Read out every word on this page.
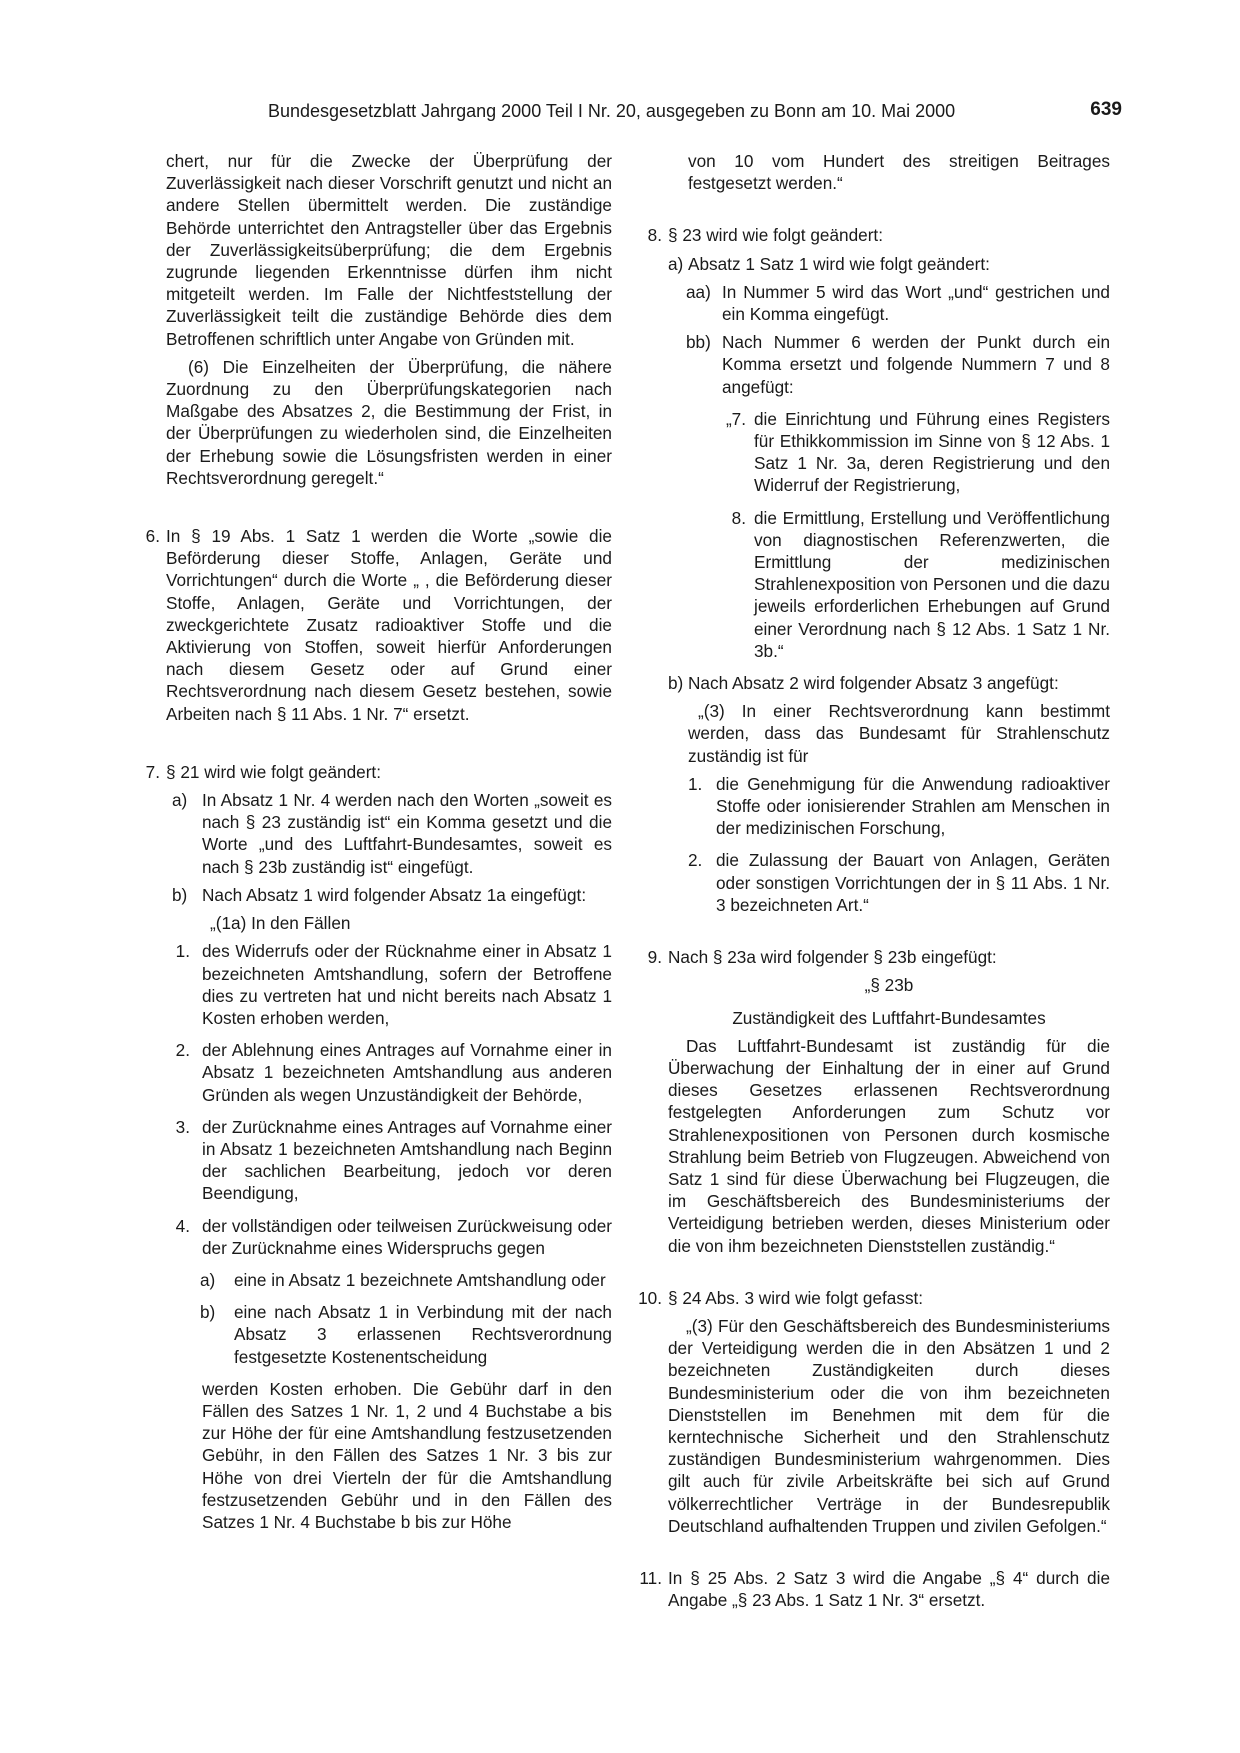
Bundesgesetzblatt Jahrgang 2000 Teil I Nr. 20, ausgegeben zu Bonn am 10. Mai 2000	639

chert, nur für die Zwecke der Überprüfung der Zuverlässigkeit nach dieser Vorschrift genutzt und nicht an andere Stellen übermittelt werden. Die zuständige Behörde unterrichtet den Antragsteller über das Ergebnis der Zuverlässigkeitsüberprüfung; die dem Ergebnis zugrunde liegenden Erkenntnisse dürfen ihm nicht mitgeteilt werden. Im Falle der Nichtfeststellung der Zuverlässigkeit teilt die zuständige Behörde dies dem Betroffenen schriftlich unter Angabe von Gründen mit.

(6) Die Einzelheiten der Überprüfung, die nähere Zuordnung zu den Überprüfungskategorien nach Maßgabe des Absatzes 2, die Bestimmung der Frist, in der Überprüfungen zu wiederholen sind, die Einzelheiten der Erhebung sowie die Lösungsfristen werden in einer Rechtsverordnung geregelt.“

6. In § 19 Abs. 1 Satz 1 werden die Worte „sowie die Beförderung dieser Stoffe, Anlagen, Geräte und Vorrichtungen“ durch die Worte „ , die Beförderung dieser Stoffe, Anlagen, Geräte und Vorrichtungen, der zweckgerichtete Zusatz radioaktiver Stoffe und die Aktivierung von Stoffen, soweit hierfür Anforderungen nach diesem Gesetz oder auf Grund einer Rechtsverordnung nach diesem Gesetz bestehen, sowie Arbeiten nach § 11 Abs. 1 Nr. 7“ ersetzt.

7. § 21 wird wie folgt geändert:

a) In Absatz 1 Nr. 4 werden nach den Worten „soweit es nach § 23 zuständig ist“ ein Komma gesetzt und die Worte „und des Luftfahrt-Bundesamtes, soweit es nach § 23b zuständig ist“ eingefügt.

b) Nach Absatz 1 wird folgender Absatz 1a eingefügt:

„(1a) In den Fällen

1. des Widerrufs oder der Rücknahme einer in Absatz 1 bezeichneten Amtshandlung, sofern der Betroffene dies zu vertreten hat und nicht bereits nach Absatz 1 Kosten erhoben werden,

2. der Ablehnung eines Antrages auf Vornahme einer in Absatz 1 bezeichneten Amtshandlung aus anderen Gründen als wegen Unzuständigkeit der Behörde,

3. der Zurücknahme eines Antrages auf Vornahme einer in Absatz 1 bezeichneten Amtshandlung nach Beginn der sachlichen Bearbeitung, jedoch vor deren Beendigung,

4. der vollständigen oder teilweisen Zurückweisung oder der Zurücknahme eines Widerspruchs gegen

a)	eine in Absatz 1 bezeichnete Amtshandlung oder

b)	eine nach Absatz 1 in Verbindung mit der nach Absatz 3 erlassenen Rechtsverordnung festgesetzte Kostenentscheidung

werden Kosten erhoben. Die Gebühr darf in den Fällen des Satzes 1 Nr. 1, 2 und 4 Buchstabe a bis zur Höhe der für eine Amtshandlung festzusetzenden Gebühr, in den Fällen des Satzes 1 Nr. 3 bis zur Höhe von drei Vierteln der für die Amtshandlung festzusetzenden Gebühr und in den Fällen des Satzes 1 Nr. 4 Buchstabe b bis zur Höhe

von 10 vom Hundert des streitigen Beitrages festgesetzt werden.“

8. § 23 wird wie folgt geändert:

a) Absatz 1 Satz 1 wird wie folgt geändert:

aa) In Nummer 5 wird das Wort „und“ gestrichen und ein Komma eingefügt.

bb) Nach Nummer 6 werden der Punkt durch ein Komma ersetzt und folgende Nummern 7 und 8 angefügt:

„7. die Einrichtung und Führung eines Registers für Ethikkommission im Sinne von § 12 Abs. 1 Satz 1 Nr. 3a, deren Registrierung und den Widerruf der Registrierung,

8. die Ermittlung, Erstellung und Veröffentlichung von diagnostischen Referenzwerten, die Ermittlung der medizinischen Strahlenexposition von Personen und die dazu jeweils erforderlichen Erhebungen auf Grund einer Verordnung nach § 12 Abs. 1 Satz 1 Nr. 3b.“

b) Nach Absatz 2 wird folgender Absatz 3 angefügt:

„(3) In einer Rechtsverordnung kann bestimmt werden, dass das Bundesamt für Strahlenschutz zuständig ist für

1. die Genehmigung für die Anwendung radioaktiver Stoffe oder ionisierender Strahlen am Menschen in der medizinischen Forschung,

2. die Zulassung der Bauart von Anlagen, Geräten oder sonstigen Vorrichtungen der in § 11 Abs. 1 Nr. 3 bezeichneten Art.“

9. Nach § 23a wird folgender § 23b eingefügt:

„§ 23b

Zuständigkeit des Luftfahrt-Bundesamtes

Das Luftfahrt-Bundesamt ist zuständig für die Überwachung der Einhaltung der in einer auf Grund dieses Gesetzes erlassenen Rechtsverordnung festgelegten Anforderungen zum Schutz vor Strahlenexpositionen von Personen durch kosmische Strahlung beim Betrieb von Flugzeugen. Abweichend von Satz 1 sind für diese Überwachung bei Flugzeugen, die im Geschäftsbereich des Bundesministeriums der Verteidigung betrieben werden, dieses Ministerium oder die von ihm bezeichneten Dienststellen zuständig.“

10. § 24 Abs. 3 wird wie folgt gefasst:

„(3) Für den Geschäftsbereich des Bundesministeriums der Verteidigung werden die in den Absätzen 1 und 2 bezeichneten Zuständigkeiten durch dieses Bundesministerium oder die von ihm bezeichneten Dienststellen im Benehmen mit dem für die kerntechnische Sicherheit und den Strahlenschutz zuständigen Bundesministerium wahrgenommen. Dies gilt auch für zivile Arbeitskräfte bei sich auf Grund völkerrechtlicher Verträge in der Bundesrepublik Deutschland aufhaltenden Truppen und zivilen Gefolgen.“

11. In § 25 Abs. 2 Satz 3 wird die Angabe „§ 4“ durch die Angabe „§ 23 Abs. 1 Satz 1 Nr. 3“ ersetzt.
